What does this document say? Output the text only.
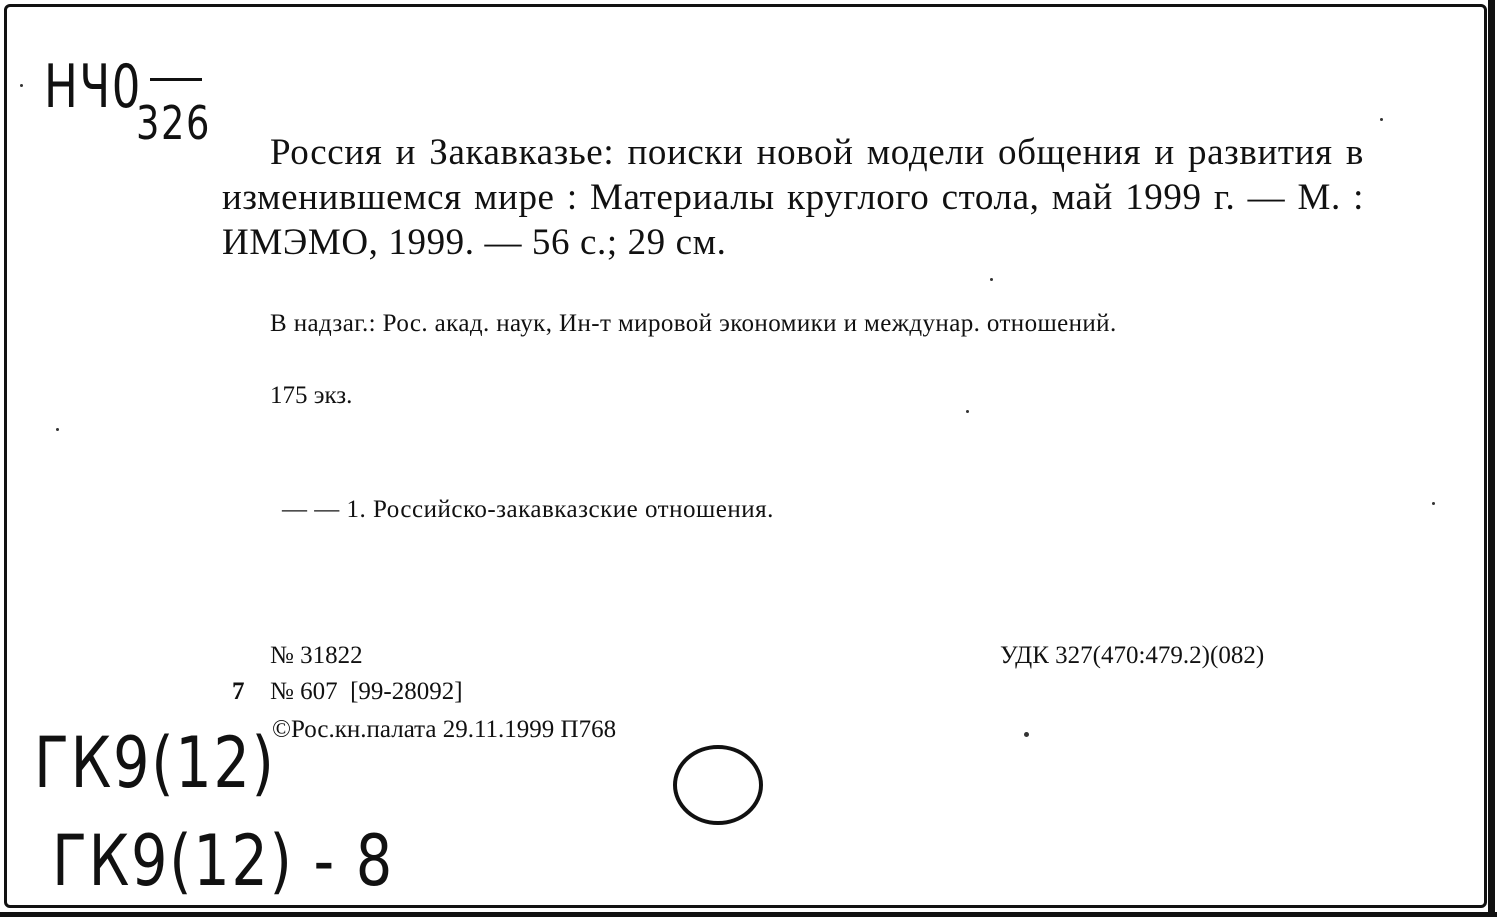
НЧ0
326
Россия и Закавказье: поиски новой модели общения и развития в изменившемся мире : Материалы круглого стола, май 1999 г. — М. : ИМЭМО, 1999. — 56 с.; 29 см.
В надзаг.: Рос. акад. наук, Ин-т мировой экономики и междунар. отношений.
175 экз.
— — 1. Российско-закавказские отношения.
№ 31822	УДК 327(470:479.2)(082)
7 № 607  [99-28092]
©Рос.кн.палата 29.11.1999 П768
ГК9(12)
ГК9(12) - 8
